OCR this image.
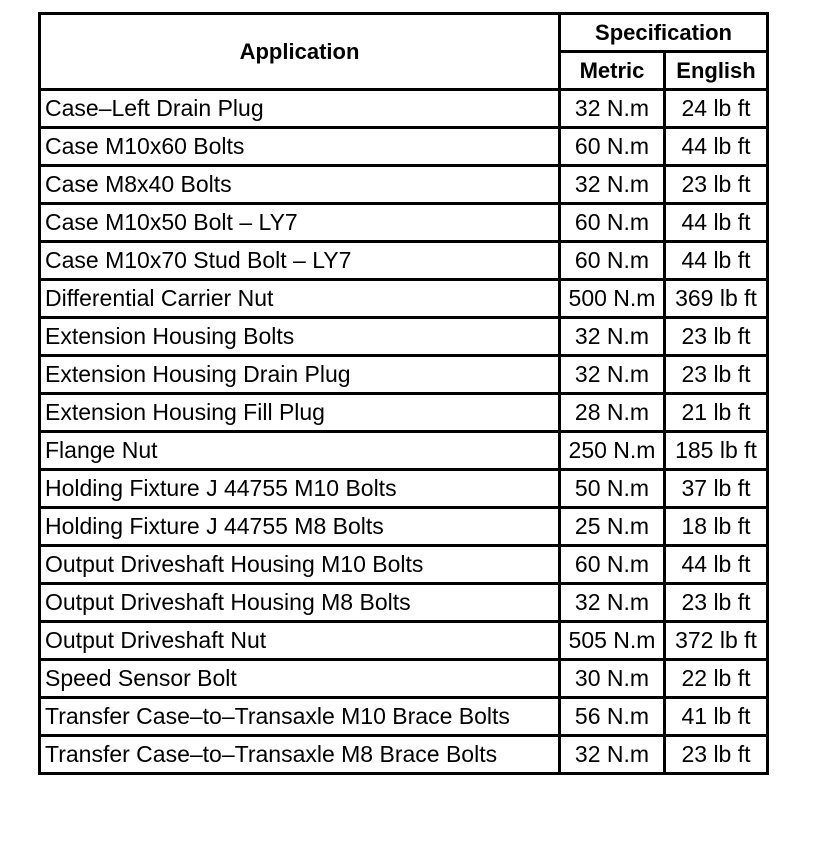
Application	Specification	
	Metric	English
Case–Left Drain Plug	32 N.m	24 lb ft
Case M10x60 Bolts	60 N.m	44 lb ft
Case M8x40 Bolts	32 N.m	23 lb ft
Case M10x50 Bolt – LY7	60 N.m	44 lb ft
Case M10x70 Stud Bolt – LY7	60 N.m	44 lb ft
Differential Carrier Nut	500 N.m	369 lb ft
Extension Housing Bolts	32 N.m	23 lb ft
Extension Housing Drain Plug	32 N.m	23 lb ft
Extension Housing Fill Plug	28 N.m	21 lb ft
Flange Nut	250 N.m	185 lb ft
Holding Fixture J 44755 M10 Bolts	50 N.m	37 lb ft
Holding Fixture J 44755 M8 Bolts	25 N.m	18 lb ft
Output Driveshaft Housing M10 Bolts	60 N.m	44 lb ft
Output Driveshaft Housing M8 Bolts	32 N.m	23 lb ft
Output Driveshaft Nut	505 N.m	372 lb ft
Speed Sensor Bolt	30 N.m	22 lb ft
Transfer Case–to–Transaxle M10 Brace Bolts	56 N.m	41 lb ft
Transfer Case–to–Transaxle M8 Brace Bolts	32 N.m	23 lb ft
